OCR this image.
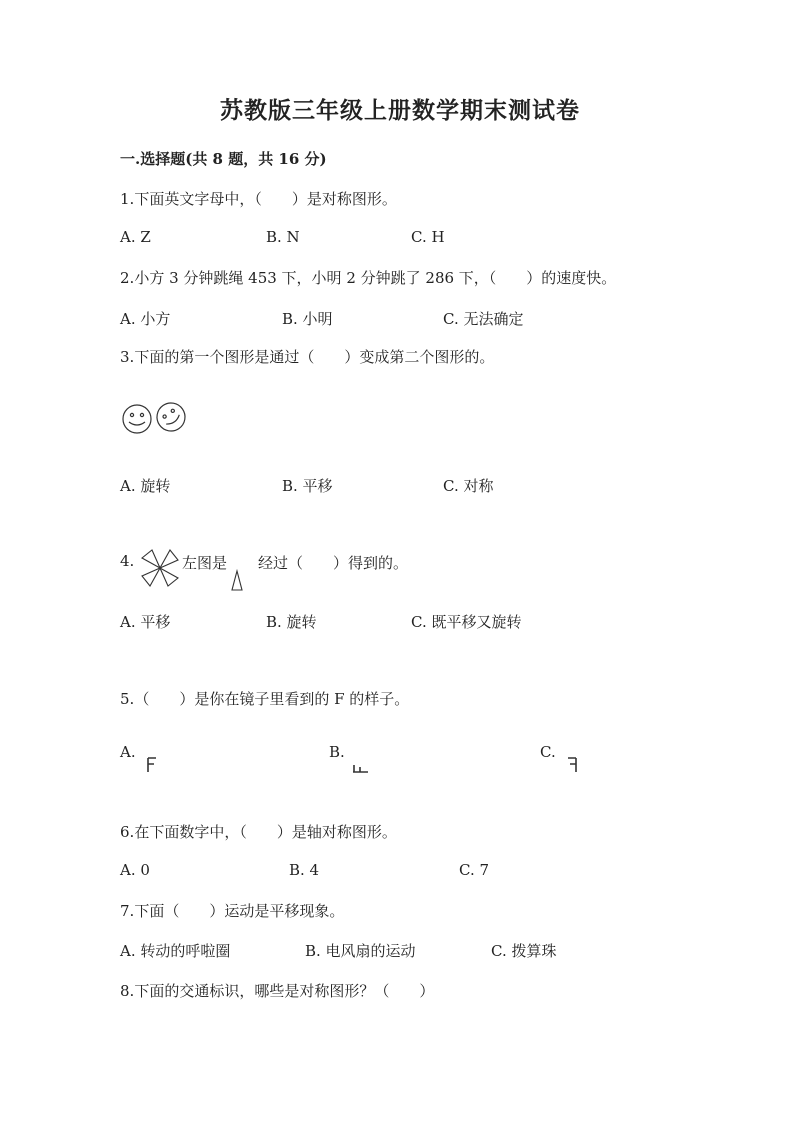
苏教版三年级上册数学期末测试卷
一.选择题(共 8 题，共 16 分)
1.下面英文字母中，（　　）是对称图形。
A. Z	B. N	C. H
2.小方 3 分钟跳绳 453 下，小明 2 分钟跳了 286 下，（　　）的速度快。
A. 小方	B. 小明	C. 无法确定
3.下面的第一个图形是通过（　　）变成第二个图形的。
A. 旋转	B. 平移	C. 对称
4.	左图是 经过（　　）得到的。
A. 平移	B. 旋转	C. 既平移又旋转
5.（　　）是你在镜子里看到的 F 的样子。
A.	B.	C.
6.在下面数字中，（　　）是轴对称图形。
A. 0	B. 4	C. 7
7.下面（　　）运动是平移现象。
A. 转动的呼啦圈	B. 电风扇的运动	C. 拨算珠
8.下面的交通标识，哪些是对称图形？（　　）
